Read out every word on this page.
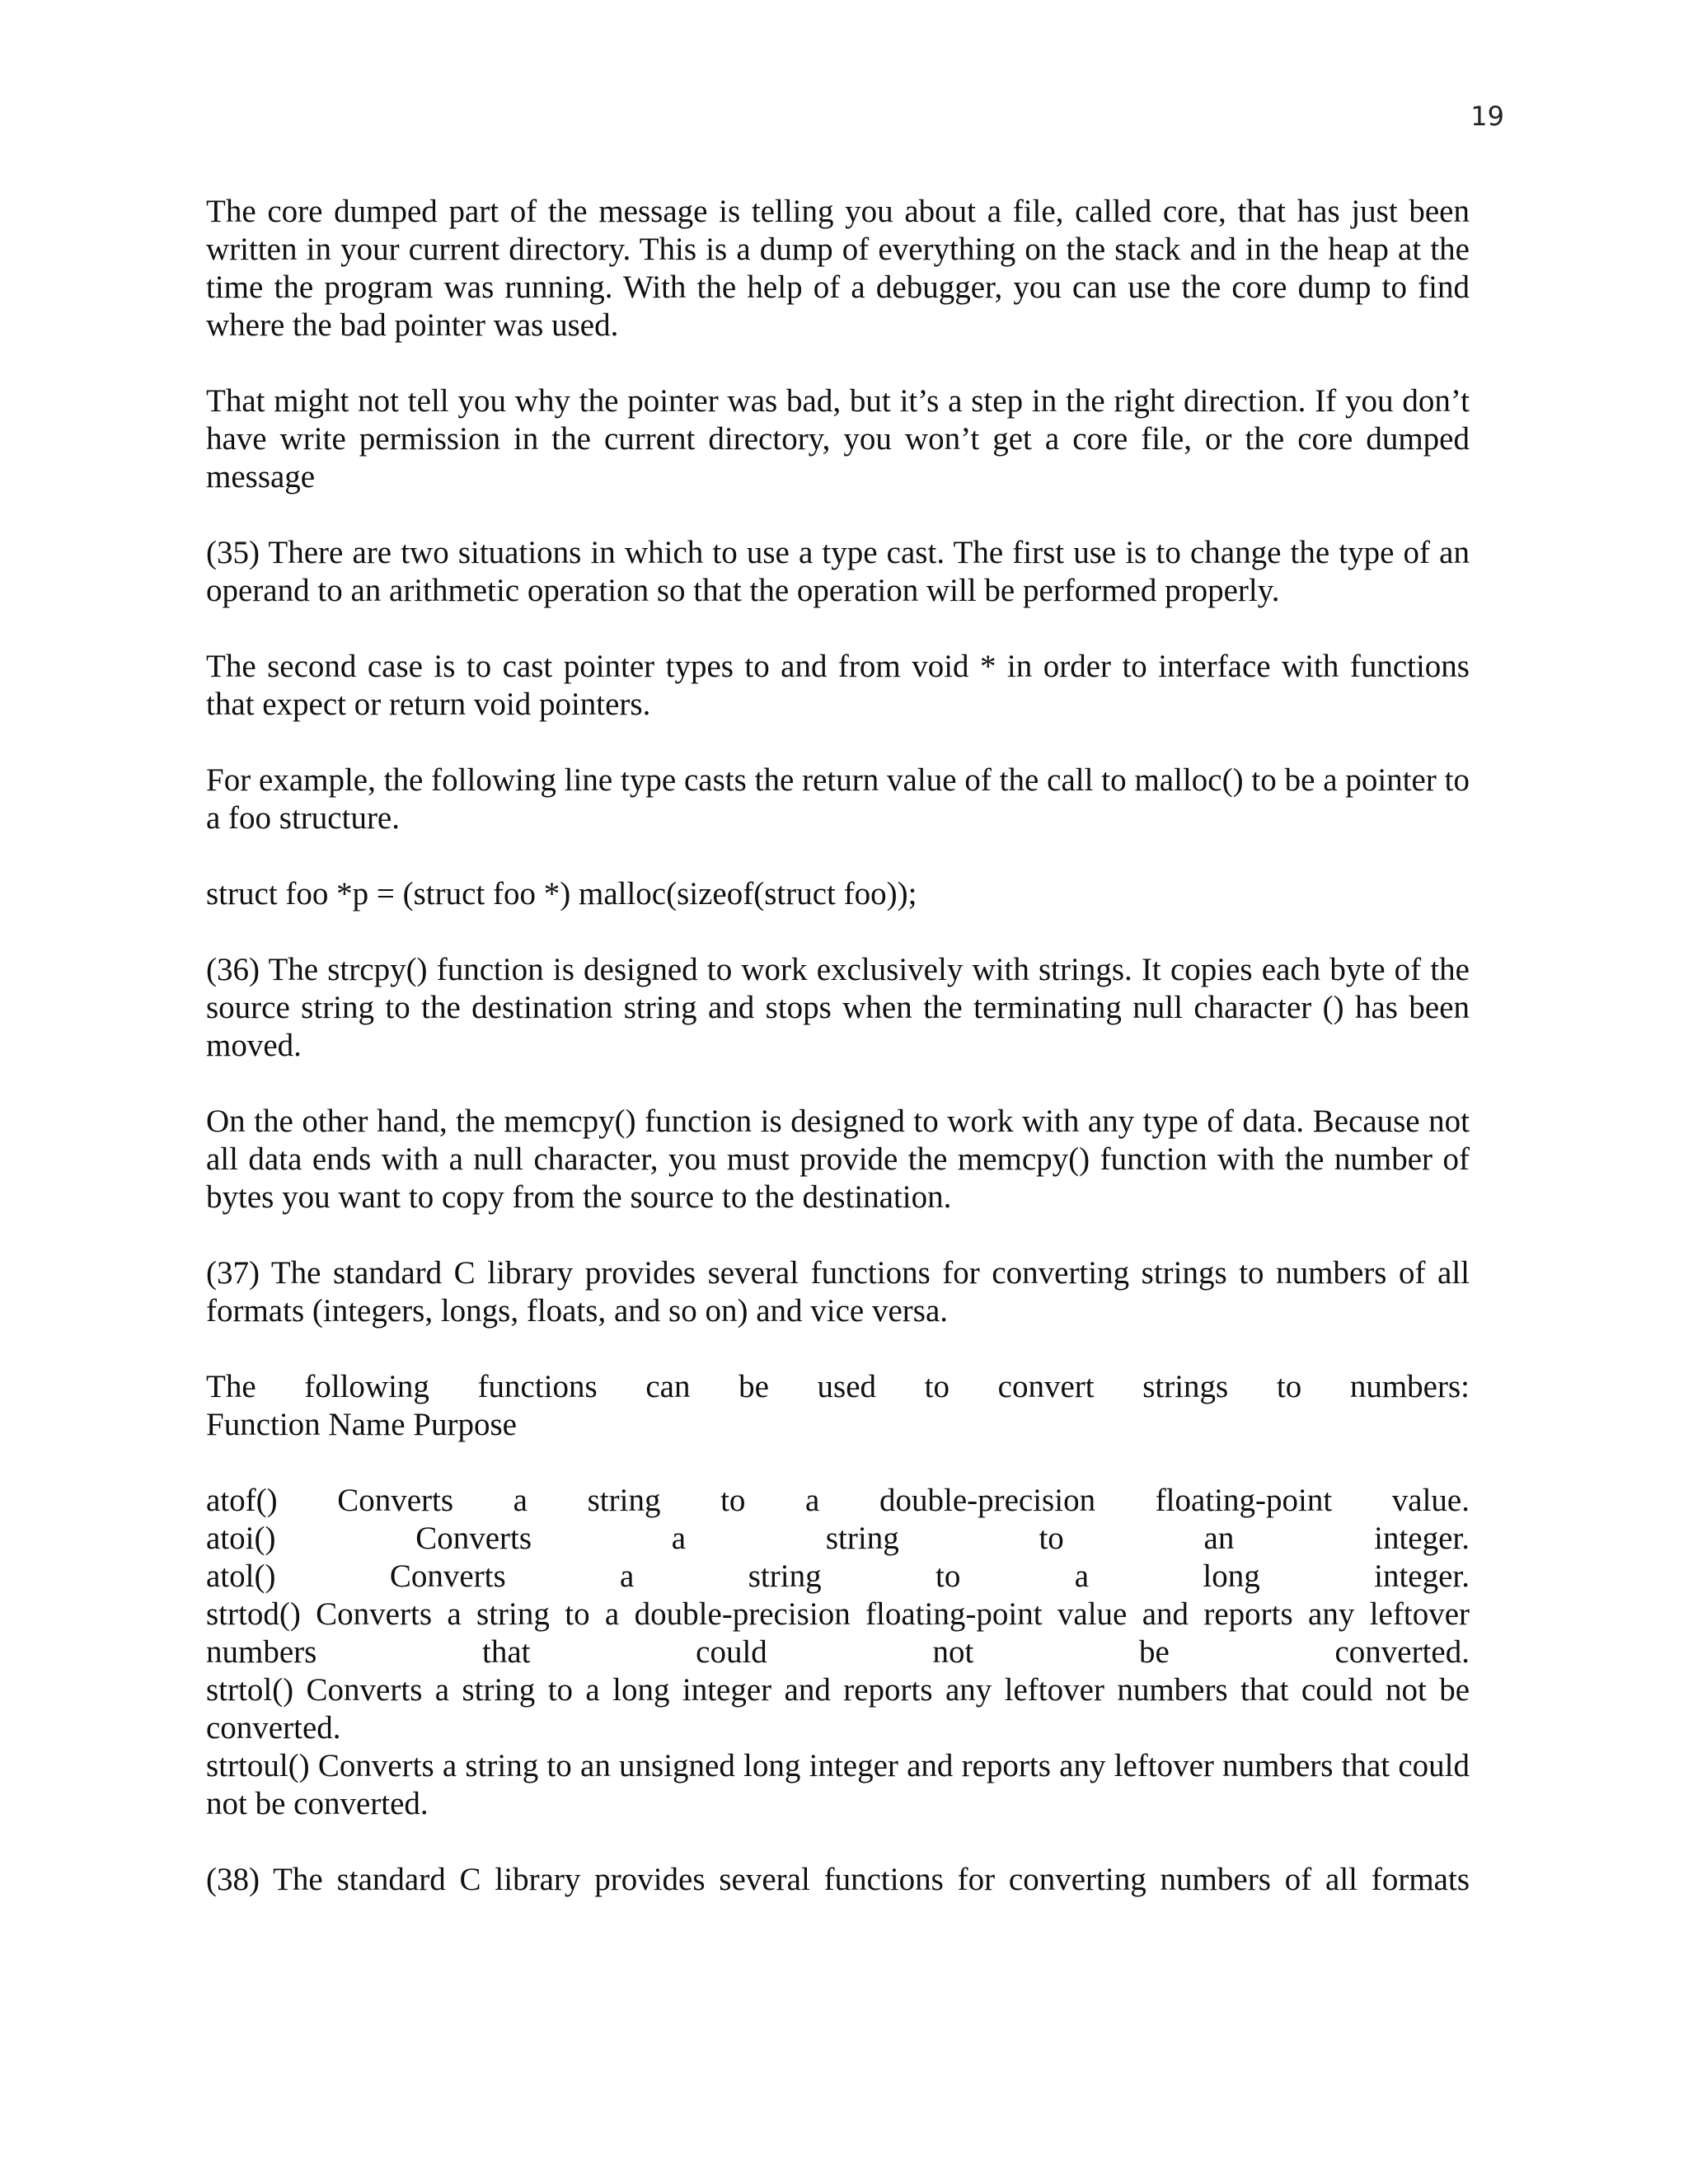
19

The core dumped part of the message is telling you about a file, called core, that has just been written in your current directory. This is a dump of everything on the stack and in the heap at the time the program was running. With the help of a debugger, you can use the core dump to find where the bad pointer was used.

That might not tell you why the pointer was bad, but it’s a step in the right direction. If you don’t have write permission in the current directory, you won’t get a core file, or the core dumped message

(35) There are two situations in which to use a type cast. The first use is to change the type of an operand to an arithmetic operation so that the operation will be performed properly.

The second case is to cast pointer types to and from void * in order to interface with functions that expect or return void pointers.

For example, the following line type casts the return value of the call to malloc() to be a pointer to a foo structure.

struct foo *p = (struct foo *) malloc(sizeof(struct foo));

(36) The strcpy() function is designed to work exclusively with strings. It copies each byte of the source string to the destination string and stops when the terminating null character () has been moved.

On the other hand, the memcpy() function is designed to work with any type of data. Because not all data ends with a null character, you must provide the memcpy() function with the number of bytes you want to copy from the source to the destination.

(37) The standard C library provides several functions for converting strings to numbers of all formats (integers, longs, floats, and so on) and vice versa.

The following functions can be used to convert strings to numbers:
Function Name Purpose

atof() Converts a string to a double-precision floating-point value.
atoi() Converts a string to an integer.
atol() Converts a string to a long integer.
strtod() Converts a string to a double-precision floating-point value and reports any leftover
numbers that could not be converted.
strtol() Converts a string to a long integer and reports any leftover numbers that could not be converted.
strtoul() Converts a string to an unsigned long integer and reports any leftover numbers that could not be converted.

(38) The standard C library provides several functions for converting numbers of all formats
